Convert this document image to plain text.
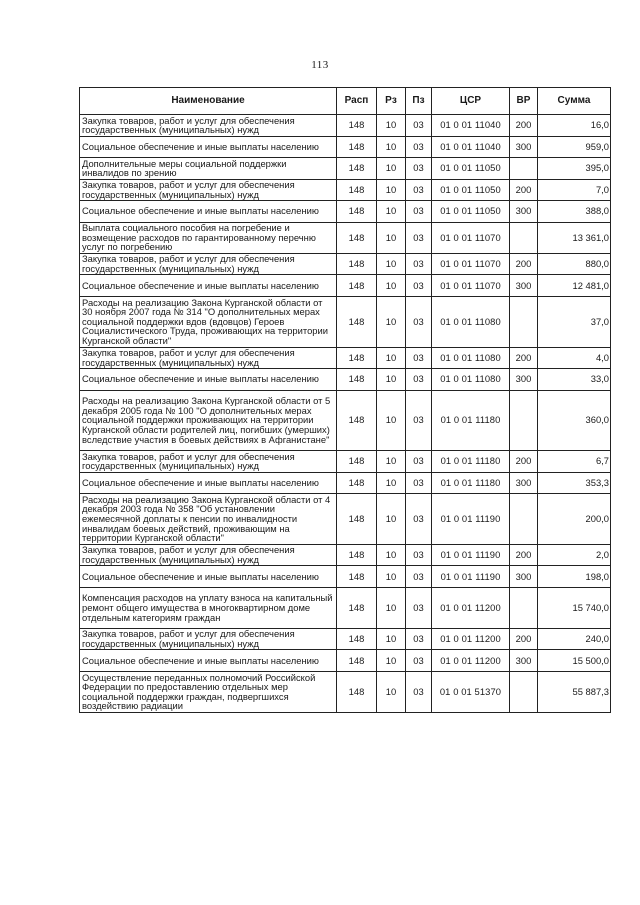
113
Наименование	Расп	Рз	Пз	ЦСР	ВР	Сумма
Закупка товаров, работ и услуг для обеспечения государственных (муниципальных) нужд	148	10	03	01 0 01 11040	200	16,0
Социальное обеспечение и иные выплаты населению	148	10	03	01 0 01 11040	300	959,0
Дополнительные меры социальной поддержки инвалидов по зрению	148	10	03	01 0 01 11050		395,0
Закупка товаров, работ и услуг для обеспечения государственных (муниципальных) нужд	148	10	03	01 0 01 11050	200	7,0
Социальное обеспечение и иные выплаты населению	148	10	03	01 0 01 11050	300	388,0
Выплата социального пособия на погребение и возмещение расходов по гарантированному перечню услуг по погребению	148	10	03	01 0 01 11070		13 361,0
Закупка товаров, работ и услуг для обеспечения государственных (муниципальных) нужд	148	10	03	01 0 01 11070	200	880,0
Социальное обеспечение и иные выплаты населению	148	10	03	01 0 01 11070	300	12 481,0
Расходы на реализацию Закона Курганской области от 30 ноября 2007 года № 314 "О дополнительных мерах социальной поддержки вдов (вдовцов) Героев Социалистического Труда, проживающих на территории Курганской области"	148	10	03	01 0 01 11080		37,0
Закупка товаров, работ и услуг для обеспечения государственных (муниципальных) нужд	148	10	03	01 0 01 11080	200	4,0
Социальное обеспечение и иные выплаты населению	148	10	03	01 0 01 11080	300	33,0
Расходы на реализацию Закона Курганской области от 5 декабря 2005 года № 100 "О дополнительных мерах социальной поддержки проживающих на территории Курганской области родителей лиц, погибших (умерших) вследствие участия в боевых действиях в Афганистане"	148	10	03	01 0 01 11180		360,0
Закупка товаров, работ и услуг для обеспечения государственных (муниципальных) нужд	148	10	03	01 0 01 11180	200	6,7
Социальное обеспечение и иные выплаты населению	148	10	03	01 0 01 11180	300	353,3
Расходы на реализацию Закона Курганской области от 4 декабря 2003 года № 358 "Об установлении ежемесячной доплаты к пенсии по инвалидности инвалидам боевых действий, проживающим на территории Курганской области"	148	10	03	01 0 01 11190		200,0
Закупка товаров, работ и услуг для обеспечения государственных (муниципальных) нужд	148	10	03	01 0 01 11190	200	2,0
Социальное обеспечение и иные выплаты населению	148	10	03	01 0 01 11190	300	198,0
Компенсация расходов на уплату взноса на капитальный ремонт общего имущества в многоквартирном доме отдельным категориям граждан	148	10	03	01 0 01 11200		15 740,0
Закупка товаров, работ и услуг для обеспечения государственных (муниципальных) нужд	148	10	03	01 0 01 11200	200	240,0
Социальное обеспечение и иные выплаты населению	148	10	03	01 0 01 11200	300	15 500,0
Осуществление переданных полномочий Российской Федерации по предоставлению отдельных мер социальной поддержки граждан, подвергшихся воздействию радиации	148	10	03	01 0 01 51370		55 887,3
